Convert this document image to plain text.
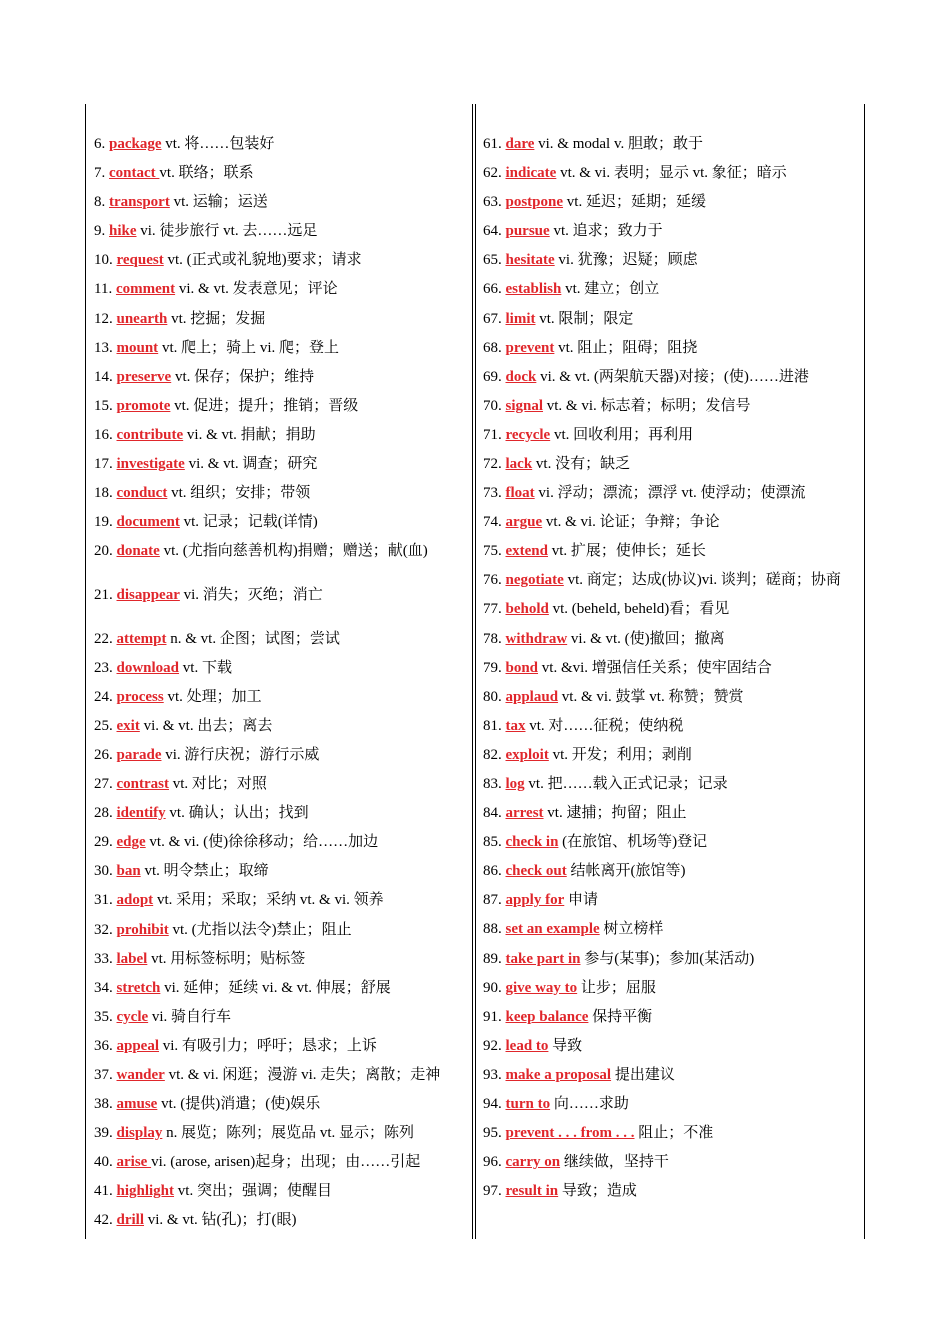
6. package vt. 将……包装好
7. contact vt. 联络；联系
8. transport vt. 运输；运送
9. hike vi. 徒步旅行 vt. 去……远足
10. request vt. (正式或礼貌地)要求；请求
11. comment vi. & vt. 发表意见；评论
12. unearth vt. 挖掘；发掘
13. mount vt. 爬上；骑上 vi. 爬；登上
14. preserve vt. 保存；保护；维持
15. promote vt. 促进；提升；推销；晋级
16. contribute vi. & vt. 捐献；捐助
17. investigate vi. & vt. 调查；研究
18. conduct vt. 组织；安排；带领
19. document vt. 记录；记载(详情)
20. donate vt. (尤指向慈善机构)捐赠；赠送；献(血)
21. disappear vi. 消失；灭绝；消亡
22. attempt n. & vt. 企图；试图；尝试
23. download vt. 下载
24. process vt. 处理；加工
25. exit vi. & vt. 出去；离去
26. parade vi. 游行庆祝；游行示威
27. contrast vt. 对比；对照
28. identify vt. 确认；认出；找到
29. edge vt. & vi. (使)徐徐移动；给……加边
30. ban vt. 明令禁止；取缔
31. adopt vt. 采用；采取；采纳 vt. & vi. 领养
32. prohibit vt. (尤指以法令)禁止；阻止
33. label vt. 用标签标明；贴标签
34. stretch vi. 延伸；延续 vi. & vt. 伸展；舒展
35. cycle vi. 骑自行车
36. appeal vi. 有吸引力；呼吁；恳求；上诉
37. wander vt. & vi. 闲逛；漫游 vi. 走失；离散；走神
38. amuse vt. (提供)消遣；(使)娱乐
39. display n. 展览；陈列；展览品 vt. 显示；陈列
40. arise vi. (arose, arisen)起身；出现；由……引起
41. highlight vt. 突出；强调；使醒目
42. drill vi. & vt. 钻(孔)；打(眼)
61. dare vi. & modal v. 胆敢；敢于
62. indicate vt. & vi. 表明；显示 vt. 象征；暗示
63. postpone vt. 延迟；延期；延缓
64. pursue vt. 追求；致力于
65. hesitate vi. 犹豫；迟疑；顾虑
66. establish vt. 建立；创立
67. limit vt. 限制；限定
68. prevent vt. 阻止；阻碍；阻挠
69. dock vi. & vt. (两架航天器)对接；(使)……进港
70. signal vt. & vi. 标志着；标明；发信号
71. recycle vt. 回收利用；再利用
72. lack vt. 没有；缺乏
73. float vi. 浮动；漂流；漂浮 vt. 使浮动；使漂流
74. argue vt. & vi. 论证；争辩；争论
75. extend vt. 扩展；使伸长；延长
76. negotiate vt. 商定；达成(协议)vi. 谈判；磋商；协商
77. behold vt. (beheld, beheld)看；看见
78. withdraw vi. & vt. (使)撤回；撤离
79. bond vt. &vi. 增强信任关系；使牢固结合
80. applaud vt. & vi. 鼓掌 vt. 称赞；赞赏
81. tax vt. 对……征税；使纳税
82. exploit vt. 开发；利用；剥削
83. log vt. 把……载入正式记录；记录
84. arrest vt. 逮捕；拘留；阻止
85. check in (在旅馆、机场等)登记
86. check out 结帐离开(旅馆等)
87. apply for 申请
88. set an example 树立榜样
89. take part in 参与(某事)；参加(某活动)
90. give way to 让步；屈服
91. keep balance 保持平衡
92. lead to 导致
93. make a proposal 提出建议
94. turn to 向……求助
95. prevent . . . from . . . 阻止；不准
96. carry on 继续做，坚持干
97. result in 导致；造成
